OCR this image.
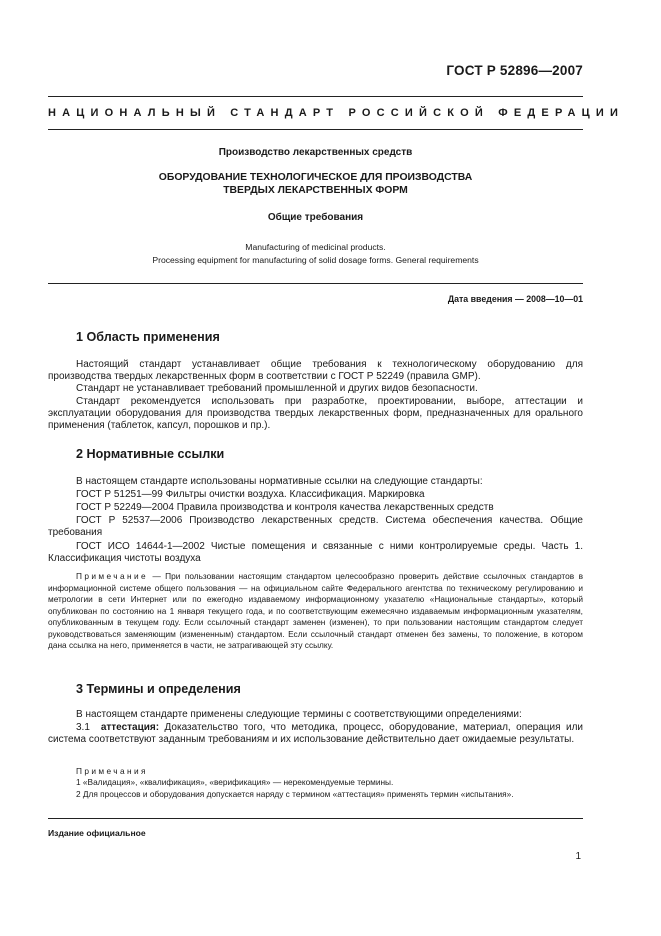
ГОСТ Р 52896—2007
НАЦИОНАЛЬНЫЙ СТАНДАРТ РОССИЙСКОЙ ФЕДЕРАЦИИ
Производство лекарственных средств
ОБОРУДОВАНИЕ ТЕХНОЛОГИЧЕСКОЕ ДЛЯ ПРОИЗВОДСТВА
ТВЕРДЫХ ЛЕКАРСТВЕННЫХ ФОРМ
Общие требования
Manufacturing of medicinal products.
Processing equipment for manufacturing of solid dosage forms. General requirements
Дата введения — 2008—10—01
1 Область применения
Настоящий стандарт устанавливает общие требования к технологическому оборудованию для производства твердых лекарственных форм в соответствии с ГОСТ Р 52249 (правила GMP).
Стандарт не устанавливает требований промышленной и других видов безопасности.
Стандарт рекомендуется использовать при разработке, проектировании, выборе, аттестации и эксплуатации оборудования для производства твердых лекарственных форм, предназначенных для орального применения (таблеток, капсул, порошков и пр.).
2 Нормативные ссылки
В настоящем стандарте использованы нормативные ссылки на следующие стандарты:
ГОСТ Р 51251—99 Фильтры очистки воздуха. Классификация. Маркировка
ГОСТ Р 52249—2004 Правила производства и контроля качества лекарственных средств
ГОСТ Р 52537—2006 Производство лекарственных средств. Система обеспечения качества. Общие требования
ГОСТ ИСО 14644-1—2002 Чистые помещения и связанные с ними контролируемые среды. Часть 1. Классификация чистоты воздуха
Примечание — При пользовании настоящим стандартом целесообразно проверить действие ссылочных стандартов в информационной системе общего пользования — на официальном сайте Федерального агентства по техническому регулированию и метрологии в сети Интернет или по ежегодно издаваемому информационному указателю «Национальные стандарты», который опубликован по состоянию на 1 января текущего года, и по соответствующим ежемесячно издаваемым информационным указателям, опубликованным в текущем году. Если ссылочный стандарт заменен (изменен), то при пользовании настоящим стандартом следует руководствоваться заменяющим (измененным) стандартом. Если ссылочный стандарт отменен без замены, то положение, в котором дана ссылка на него, применяется в части, не затрагивающей эту ссылку.
3 Термины и определения
В настоящем стандарте применены следующие термины с соответствующими определениями:
3.1 аттестация: Доказательство того, что методика, процесс, оборудование, материал, операция или система соответствуют заданным требованиям и их использование действительно дает ожидаемые результаты.
Примечания
1 «Валидация», «квалификация», «верификация» — нерекомендуемые термины.
2 Для процессов и оборудования допускается наряду с термином «аттестация» применять термин «испытания».
Издание официальное
1
